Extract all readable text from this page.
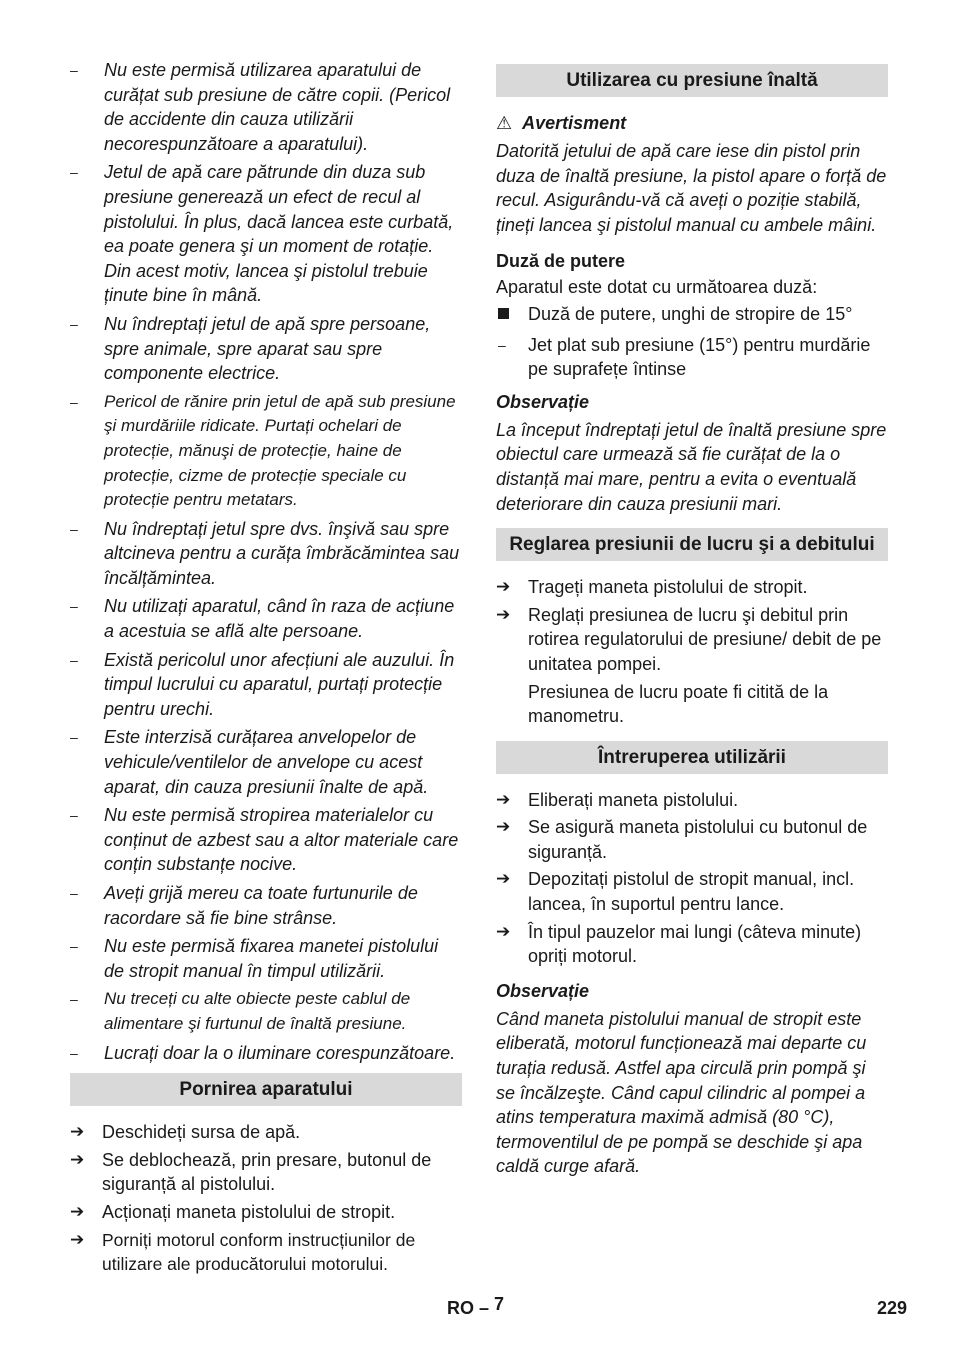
– Nu este permisă utilizarea aparatului de curățat sub presiune de către copii. (Pericol de accidente din cauza utilizării necorespunzătoare a aparatului).
– Jetul de apă care pătrunde din duza sub presiune generează un efect de recul al pistolului. În plus, dacă lancea este curbată, ea poate genera şi un moment de rotație. Din acest motiv, lancea şi pistolul trebuie ținute bine în mână.
– Nu îndreptați jetul de apă spre persoane, spre animale, spre aparat sau spre componente electrice.
– Pericol de rănire prin jetul de apă sub presiune şi murdăriile ridicate. Purtați ochelari de protecție, mănuşi de protecție, haine de protecție, cizme de protecție speciale cu protecție pentru metatars.
– Nu îndreptați jetul spre dvs. înşivă sau spre altcineva pentru a curăța îmbrăcămintea sau încălțămintea.
– Nu utilizați aparatul, când în raza de acțiune a acestuia se află alte persoane.
– Există pericolul unor afecțiuni ale auzului. În timpul lucrului cu aparatul, purtați protecție pentru urechi.
– Este interzisă curățarea anvelopelor de vehicule/ventilelor de anvelope cu acest aparat, din cauza presiunii înalte de apă.
– Nu este permisă stropirea materialelor cu conținut de azbest sau a altor materiale care conțin substanțe nocive.
– Aveți grijă mereu ca toate furtunurile de racordare să fie bine strânse.
– Nu este permisă fixarea manetei pistolului de stropit manual în timpul utilizării.
– Nu treceți cu alte obiecte peste cablul de alimentare şi furtunul de înaltă presiune.
– Lucrați doar la o iluminare corespunzătoare.
Pornirea aparatului
➔ Deschideți sursa de apă.
➔ Se deblochează, prin presare, butonul de siguranță al pistolului.
➔ Acționați maneta pistolului de stropit.
➔ Porniți motorul conform instrucțiunilor de utilizare ale producătorului motorului.
Utilizarea cu presiune înaltă
⚠ Avertisment
Datorită jetului de apă care iese din pistol prin duza de înaltă presiune, la pistol apare o forță de recul. Asigurându-vă că aveți o poziție stabilă, țineți lancea şi pistolul manual cu ambele mâini.
Duză de putere
Aparatul este dotat cu următoarea duză:
Duză de putere, unghi de stropire de 15°
– Jet plat sub presiune (15°) pentru murdărie pe suprafețe întinse
Observație
La început îndreptați jetul de înaltă presiune spre obiectul care urmează să fie curățat de la o distanță mai mare, pentru a evita o eventuală deteriorare din cauza presiunii mari.
Reglarea presiunii de lucru şi a debitului
➔ Trageți maneta pistolului de stropit.
➔ Reglați presiunea de lucru şi debitul prin rotirea regulatorului de presiune/ debit de pe unitatea pompei.
Presiunea de lucru poate fi citită de la manometru.
Întreruperea utilizării
➔ Eliberați maneta pistolului.
➔ Se asigură maneta pistolului cu butonul de siguranță.
➔ Depozitați pistolul de stropit manual, incl. lancea, în suportul pentru lance.
➔ În tipul pauzelor mai lungi (câteva minute) opriți motorul.
Observație
Când maneta pistolului manual de stropit este eliberată, motorul funcționează mai departe cu turația redusă. Astfel apa circulă prin pompă şi se încălzeşte. Când capul cilindric al pompei a atins temperatura maximă admisă (80 °C), termoventilul de pe pompă se deschide şi apa caldă curge afară.
RO – 7	229
